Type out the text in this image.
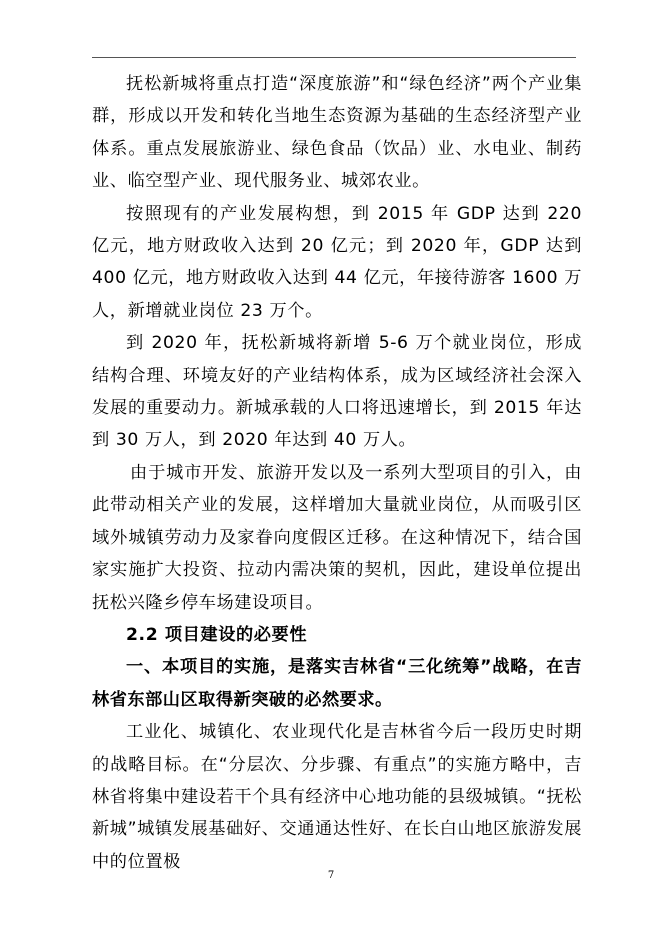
抚松新城将重点打造“深度旅游”和“绿色经济”两个产业集群，形成以开发和转化当地生态资源为基础的生态经济型产业体系。重点发展旅游业、绿色食品（饮品）业、水电业、制药业、临空型产业、现代服务业、城郊农业。

按照现有的产业发展构想，到 2015 年 GDP 达到 220 亿元，地方财政收入达到 20 亿元；到 2020 年，GDP 达到 400 亿元，地方财政收入达到 44 亿元，年接待游客 1600 万人，新增就业岗位 23 万个。

到 2020 年，抚松新城将新增 5-6 万个就业岗位，形成结构合理、环境友好的产业结构体系，成为区域经济社会深入发展的重要动力。新城承载的人口将迅速增长，到 2015 年达到 30 万人，到 2020 年达到 40 万人。

由于城市开发、旅游开发以及一系列大型项目的引入，由此带动相关产业的发展，这样增加大量就业岗位，从而吸引区域外城镇劳动力及家眷向度假区迁移。在这种情况下，结合国家实施扩大投资、拉动内需决策的契机，因此，建设单位提出抚松兴隆乡停车场建设项目。

2.2 项目建设的必要性

一、本项目的实施，是落实吉林省“三化统筹”战略，在吉林省东部山区取得新突破的必然要求。

工业化、城镇化、农业现代化是吉林省今后一段历史时期的战略目标。在“分层次、分步骤、有重点”的实施方略中，吉林省将集中建设若干个具有经济中心地功能的县级城镇。“抚松新城”城镇发展基础好、交通通达性好、在长白山地区旅游发展中的位置极

7
